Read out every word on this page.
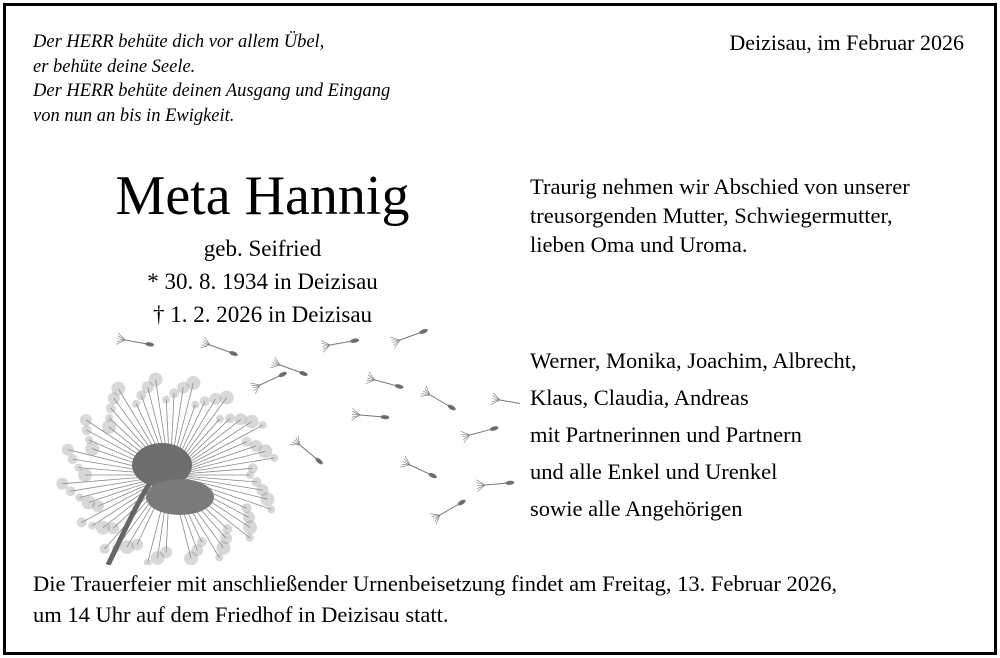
Der HERR behüte dich vor allem Übel,
er behüte deine Seele.
Der HERR behüte deinen Ausgang und Eingang
von nun an bis in Ewigkeit.
Deizisau, im Februar 2026
Meta Hannig
geb. Seifried
* 30. 8. 1934 in Deizisau
† 1. 2. 2026 in Deizisau
Traurig nehmen wir Abschied von unserer
treusorgenden Mutter, Schwiegermutter,
lieben Oma und Uroma.
Werner, Monika, Joachim, Albrecht,
Klaus, Claudia, Andreas
mit Partnerinnen und Partnern
und alle Enkel und Urenkel
sowie alle Angehörigen
Die Trauerfeier mit anschließender Urnenbeisetzung findet am Freitag, 13. Februar 2026,
um 14 Uhr auf dem Friedhof in Deizisau statt.
